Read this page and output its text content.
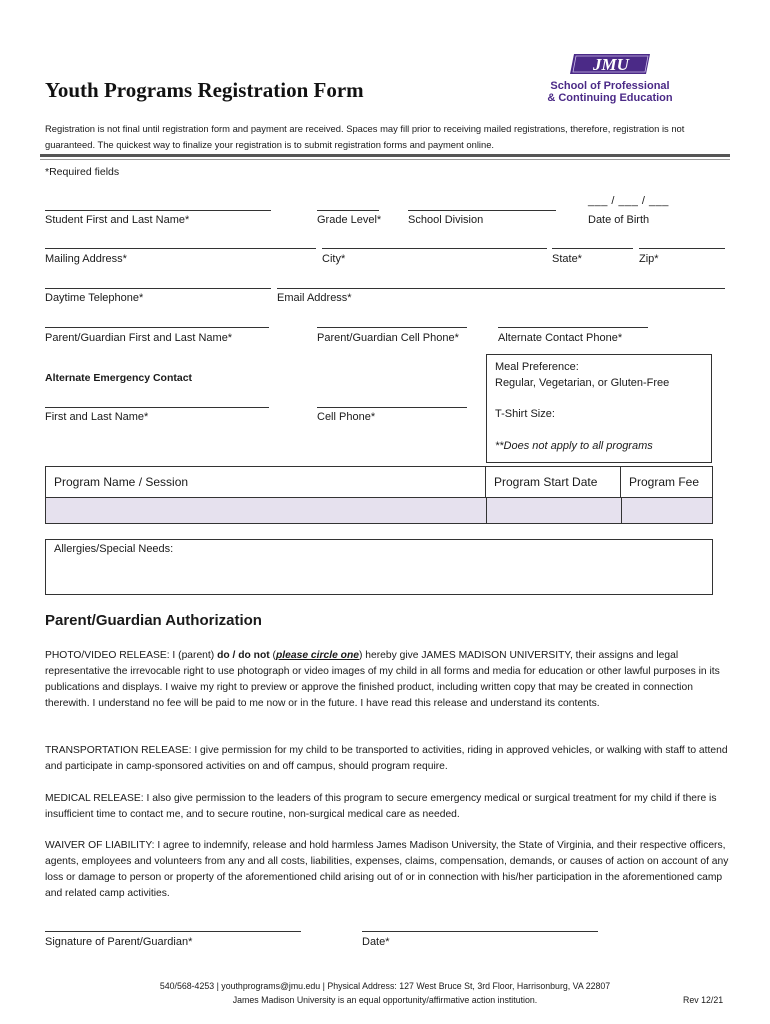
Youth Programs Registration Form
JMU
School of Professional
& Continuing Education
Registration is not final until registration form and payment are received. Spaces may fill prior to receiving mailed registrations, therefore, registration is not guaranteed. The quickest way to finalize your registration is to submit registration forms and payment online.
*Required fields
Student First and Last Name*	Grade Level* School Division
___ / ___ / ___
Date of Birth
Mailing Address*	City*	State*	Zip*
Daytime Telephone*	Email Address*
Parent/Guardian First and Last Name*	Parent/Guardian Cell Phone*	Alternate Contact Phone*
Alternate Emergency Contact
First and Last Name*	Cell Phone*
Meal Preference:
Regular, Vegetarian, or Gluten-Free
T-Shirt Size:
**Does not apply to all programs
Program Name / Session	Program Start Date	Program Fee
Allergies/Special Needs:
Parent/Guardian Authorization
PHOTO/VIDEO RELEASE: I (parent) do / do not (please circle one) hereby give JAMES MADISON UNIVERSITY, their assigns and legal representative the irrevocable right to use photograph or video images of my child in all forms and media for education or other lawful purposes in its publications and displays. I waive my right to preview or approve the finished product, including written copy that may be created in connection therewith. I understand no fee will be paid to me now or in the future. I have read this release and understand its contents.
TRANSPORTATION RELEASE: I give permission for my child to be transported to activities, riding in approved vehicles, or walking with staff to attend and participate in camp-sponsored activities on and off campus, should program require.
MEDICAL RELEASE: I also give permission to the leaders of this program to secure emergency medical or surgical treatment for my child if there is insufficient time to contact me, and to secure routine, non-surgical medical care as needed.
WAIVER OF LIABILITY: I agree to indemnify, release and hold harmless James Madison University, the State of Virginia, and their respective officers, agents, employees and volunteers from any and all costs, liabilities, expenses, claims, compensation, demands, or causes of action on account of any loss or damage to person or property of the aforementioned child arising out of or in connection with his/her participation in the aforementioned camp and related camp activities.
Signature of Parent/Guardian*	Date*
540/568-4253 | youthprograms@jmu.edu | Physical Address: 127 West Bruce St, 3rd Floor, Harrisonburg, VA 22807
James Madison University is an equal opportunity/affirmative action institution.	Rev 12/21
